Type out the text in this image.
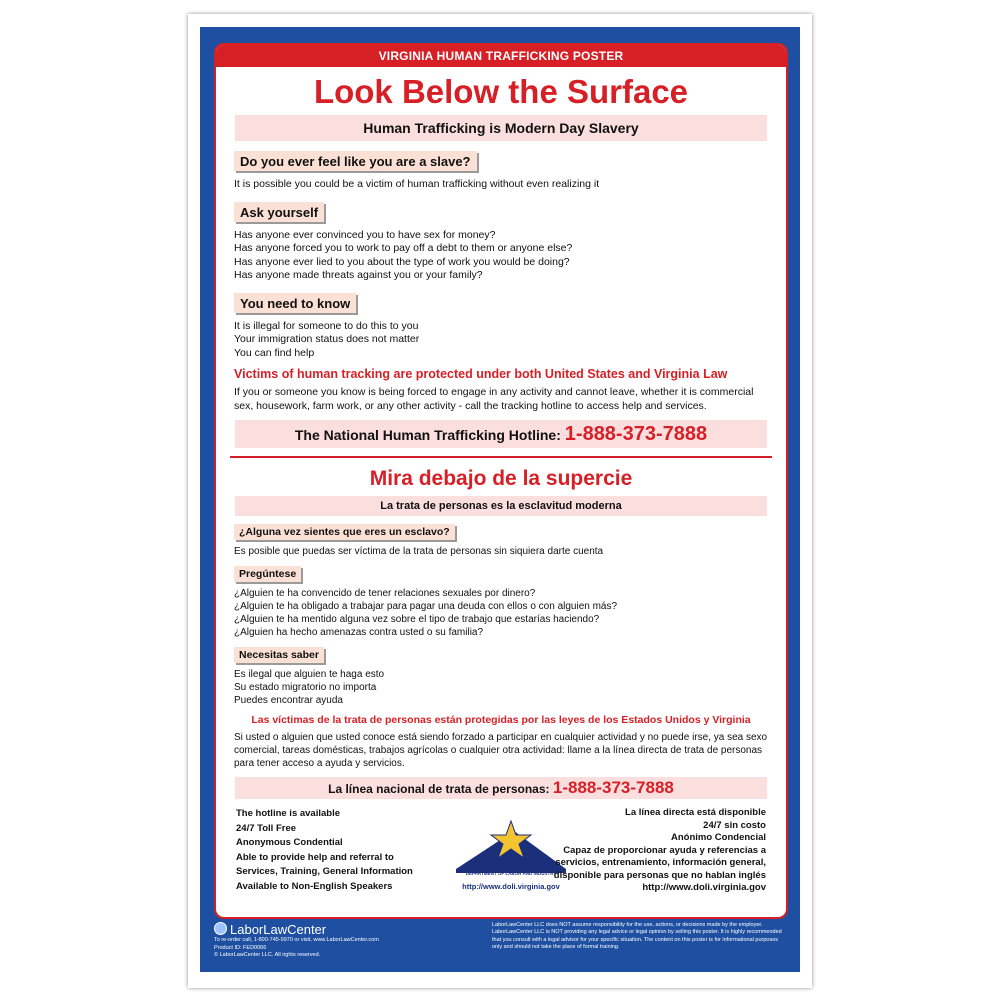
VIRGINIA HUMAN TRAFFICKING POSTER
Look Below the Surface
Human Trafficking is Modern Day Slavery
Do you ever feel like you are a slave?
It is possible you could be a victim of human trafficking without even realizing it
Ask yourself
Has anyone ever convinced you to have sex for money?
Has anyone forced you to work to pay off a debt to them or anyone else?
Has anyone ever lied to you about the type of work you would be doing?
Has anyone made threats against you or your family?
You need to know
It is illegal for someone to do this to you
Your immigration status does not matter
You can find help
Victims of human tracking are protected under both United States and Virginia Law
If you or someone you know is being forced to engage in any activity and cannot leave, whether it is commercial sex, housework, farm work, or any other activity - call the tracking hotline to access help and services.
The National Human Trafficking Hotline: 1-888-373-7888
Mira debajo de la supercie
La trata de personas es la esclavitud moderna
¿Alguna vez sientes que eres un esclavo?
Es posible que puedas ser víctima de la trata de personas sin siquiera darte cuenta
Pregúntese
¿Alguien te ha convencido de tener relaciones sexuales por dinero?
¿Alguien te ha obligado a trabajar para pagar una deuda con ellos o con alguien más?
¿Alguien te ha mentido alguna vez sobre el tipo de trabajo que estarías haciendo?
¿Alguien ha hecho amenazas contra usted o su familia?
Necesitas saber
Es ilegal que alguien te haga esto
Su estado migratorio no importa
Puedes encontrar ayuda
Las víctimas de la trata de personas están protegidas por las leyes de los Estados Unidos y Virginia
Si usted o alguien que usted conoce está siendo forzado a participar en cualquier actividad y no puede irse, ya sea sexo comercial, tareas domésticas, trabajos agrícolas o cualquier otra actividad: llame a la línea directa de trata de personas para tener acceso a ayuda y servicios.
La línea nacional de trata de personas: 1-888-373-7888
The hotline is available
24/7 Toll Free
Anonymous Condential
Able to provide help and referral to
Services, Training, General Information
Available to Non-English Speakers
DEPARTMENT OF LABOR AND INDUSTRY
http://www.doli.virginia.gov
La línea directa está disponible
24/7 sin costo
Anónimo Condencial
Capaz de proporcionar ayuda y referencias a
servicios, entrenamiento, información general,
disponible para personas que no hablan inglés
http://www.doli.virginia.gov
LaborLawCenter
To re-order call, 1-800-745-9970 or visit, www.LaborLawCenter.com
Product ID: FED0066
© LaborLawCenter LLC. All rights reserved.
LaborLawCenter LLC does NOT assume responsibility for the use, actions, or decisions made by the employer. LaborLawCenter LLC is NOT providing any legal advice or legal opinion by selling this poster. It is highly recommended that you consult with a legal advisor for your specific situation. The content on this poster is for informational purposes only and should not take the place of formal training.
